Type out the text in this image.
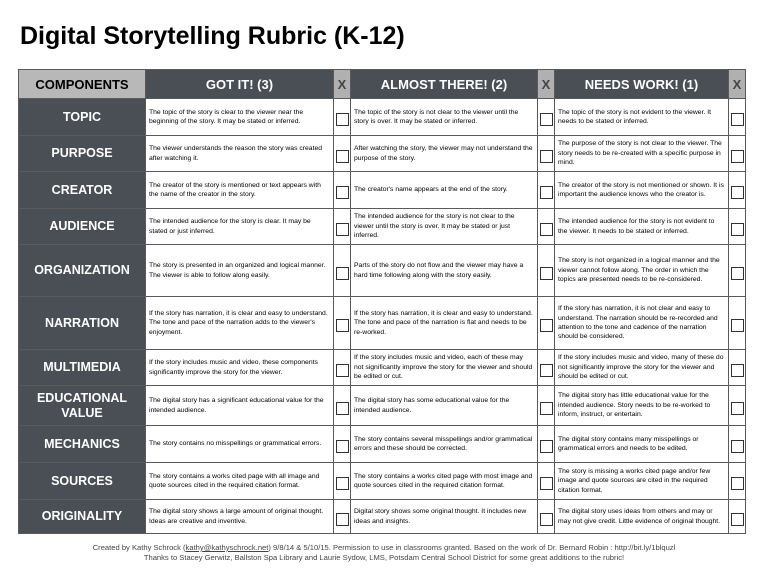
Digital Storytelling Rubric (K-12)
COMPONENTS	GOT IT! (3)	X	ALMOST THERE! (2)	X	NEEDS WORK! (1)	X
TOPIC	The topic of the story is clear to the viewer near the beginning of the story. It may be stated or inferred.		The topic of the story is not clear to the viewer until the story is over. It may be stated or inferred.		The topic of the story is not evident to the viewer. It needs to be stated or inferred.	
PURPOSE	The viewer understands the reason the story was created after watching it.		After watching the story, the viewer may not understand the purpose of the story.		The purpose of the story is not clear to the viewer. The story needs to be re-created with a specific purpose in mind.	
CREATOR	The creator of the story is mentioned or text appears with the name of the creator in the story.		The creator's name appears at the end of the story.		The creator of the story is not mentioned or shown. It is important the audience knows who the creator is.	
AUDIENCE	The intended audience for the story is clear. It may be stated or just inferred.		The intended audience for the story is not clear to the viewer until the story is over. It may be stated or just inferred.		The intended audience for the story is not evident to the viewer. It needs to be stated or inferred.	
ORGANIZATION	The story is presented in an organized and logical manner. The viewer is able to follow along easily.		Parts of the story do not flow and the viewer may have a hard time following along with the story easily.		The story is not organized in a logical manner and the viewer cannot follow along. The order in which the topics are presented needs to be re-considered.	
NARRATION	If the story has narration, it is clear and easy to understand. The tone and pace of the narration adds to the viewer's enjoyment.		If the story has narration, it is clear and easy to understand. The tone and pace of the narration is flat and needs to be re-worked.		If the story has narration, it is not clear and easy to understand. The narration should be re-recorded and attention to the tone and cadence of the narration should be considered.	
MULTIMEDIA	If the story includes music and video, these components significantly improve the story for the viewer.		If the story includes music and video, each of these may not significantly improve the story for the viewer and should be edited or cut.		If the story includes music and video, many of these do not significantly improve the story for the viewer and should be edited or cut.	
EDUCATIONAL VALUE	The digital story has a significant educational value for the intended audience.		The digital story has some educational value for the intended audience.		The digital story has little educational value for the intended audience. Story needs to be re-worked to inform, instruct, or entertain.	
MECHANICS	The story contains no misspellings or grammatical errors.		The story contains several misspellings and/or grammatical errors and these should be corrected.		The digital story contains many misspellings or grammatical errors and needs to be edited.	
SOURCES	The story contains a works cited page with all image and quote sources cited in the required citation format.		The story contains a works cited page with most image and quote sources cited in the required citation format.		The story is missing a works cited page and/or few image and quote sources are cited in the required citation format.	
ORIGINALITY	The digital story shows a large amount of original thought. Ideas are creative and inventive.		Digital story shows some original thought. It includes new ideas and insights.		The digital story uses ideas from others and may or may not give credit. Little evidence of original thought.	
Created by Kathy Schrock (kathy@kathyschrock.net) 9/8/14 & 5/10/15. Permission to use in classrooms granted. Based on the work of Dr. Bernard Robin : http://bit.ly/1blquzl
Thanks to Stacey Gerwitz, Ballston Spa Library and Laurie Sydow, LMS, Potsdam Central School District for some great additions to the rubric!
